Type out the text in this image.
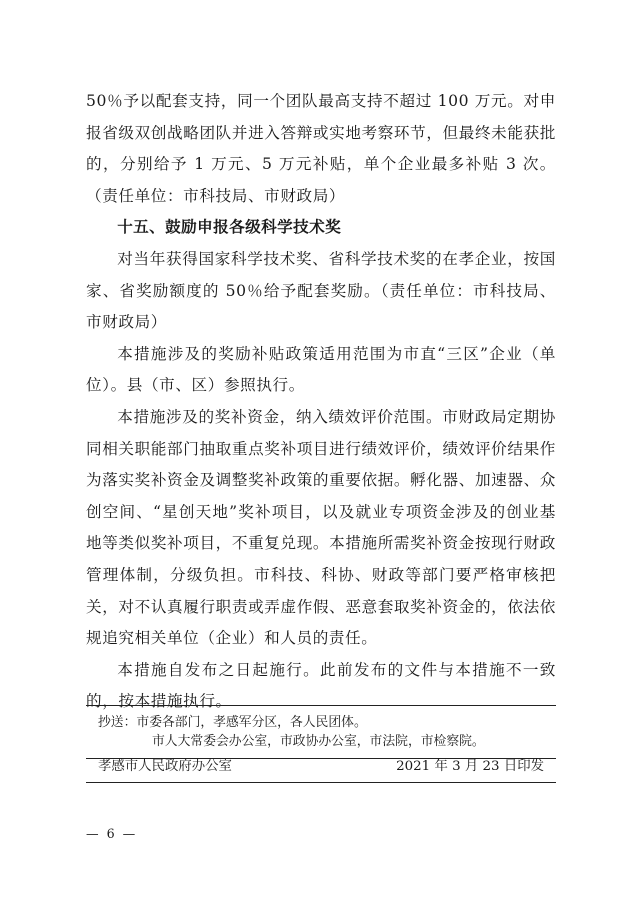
50％予以配套支持，同一个团队最高支持不超过 100 万元。对申报省级双创战略团队并进入答辩或实地考察环节，但最终未能获批的，分别给予 1 万元、5 万元补贴，单个企业最多补贴 3 次。（责任单位：市科技局、市财政局）

十五、鼓励申报各级科学技术奖

对当年获得国家科学技术奖、省科学技术奖的在孝企业，按国家、省奖励额度的 50％给予配套奖励。（责任单位：市科技局、市财政局）

本措施涉及的奖励补贴政策适用范围为市直“三区”企业（单位）。县（市、区）参照执行。

本措施涉及的奖补资金，纳入绩效评价范围。市财政局定期协同相关职能部门抽取重点奖补项目进行绩效评价，绩效评价结果作为落实奖补资金及调整奖补政策的重要依据。孵化器、加速器、众创空间、“星创天地”奖补项目，以及就业专项资金涉及的创业基地等类似奖补项目，不重复兑现。本措施所需奖补资金按现行财政管理体制，分级负担。市科技、科协、财政等部门要严格审核把关，对不认真履行职责或弄虚作假、恶意套取奖补资金的，依法依规追究相关单位（企业）和人员的责任。

本措施自发布之日起施行。此前发布的文件与本措施不一致的，按本措施执行。

抄送：市委各部门，孝感军分区，各人民团体。
市人大常委会办公室，市政协办公室，市法院，市检察院。
孝感市人民政府办公室	2021 年 3 月 23 日印发
— 6 —
